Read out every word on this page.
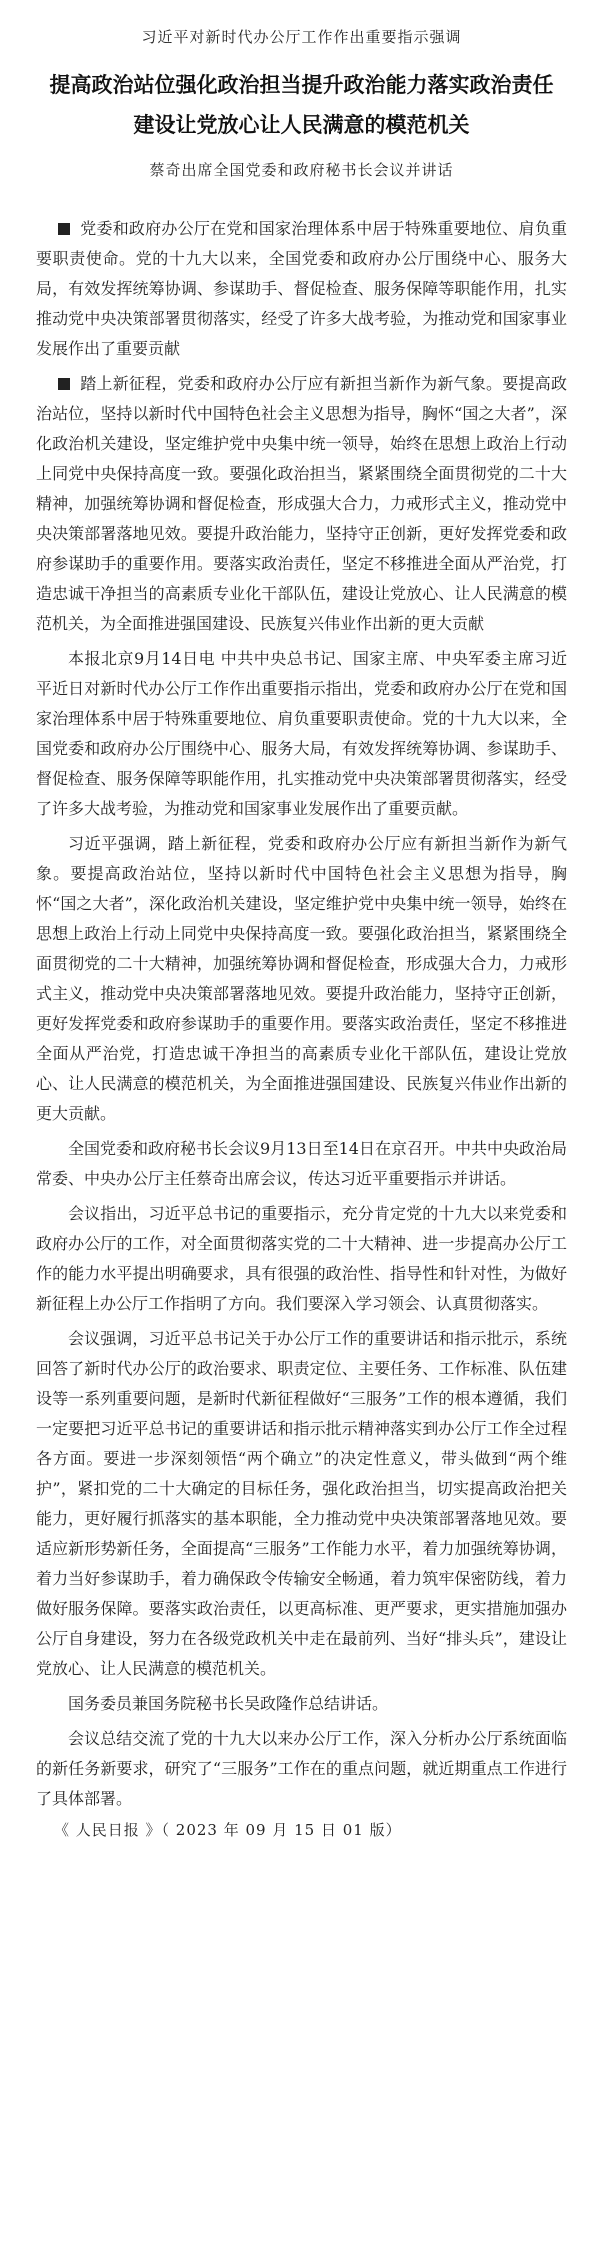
习近平对新时代办公厅工作作出重要指示强调

提高政治站位强化政治担当提升政治能力落实政治责任
建设让党放心让人民满意的模范机关

蔡奇出席全国党委和政府秘书长会议并讲话

党委和政府办公厅在党和国家治理体系中居于特殊重要地位、肩负重要职责使命。党的十九大以来，全国党委和政府办公厅围绕中心、服务大局，有效发挥统筹协调、参谋助手、督促检查、服务保障等职能作用，扎实推动党中央决策部署贯彻落实，经受了许多大战考验，为推动党和国家事业发展作出了重要贡献

踏上新征程，党委和政府办公厅应有新担当新作为新气象。要提高政治站位，坚持以新时代中国特色社会主义思想为指导，胸怀“国之大者”，深化政治机关建设，坚定维护党中央集中统一领导，始终在思想上政治上行动上同党中央保持高度一致。要强化政治担当，紧紧围绕全面贯彻党的二十大精神，加强统筹协调和督促检查，形成强大合力，力戒形式主义，推动党中央决策部署落地见效。要提升政治能力，坚持守正创新，更好发挥党委和政府参谋助手的重要作用。要落实政治责任，坚定不移推进全面从严治党，打造忠诚干净担当的高素质专业化干部队伍，建设让党放心、让人民满意的模范机关，为全面推进强国建设、民族复兴伟业作出新的更大贡献

本报北京9月14日电 中共中央总书记、国家主席、中央军委主席习近平近日对新时代办公厅工作作出重要指示指出，党委和政府办公厅在党和国家治理体系中居于特殊重要地位、肩负重要职责使命。党的十九大以来，全国党委和政府办公厅围绕中心、服务大局，有效发挥统筹协调、参谋助手、督促检查、服务保障等职能作用，扎实推动党中央决策部署贯彻落实，经受了许多大战考验，为推动党和国家事业发展作出了重要贡献。

习近平强调，踏上新征程，党委和政府办公厅应有新担当新作为新气象。要提高政治站位，坚持以新时代中国特色社会主义思想为指导，胸怀“国之大者”，深化政治机关建设，坚定维护党中央集中统一领导，始终在思想上政治上行动上同党中央保持高度一致。要强化政治担当，紧紧围绕全面贯彻党的二十大精神，加强统筹协调和督促检查，形成强大合力，力戒形式主义，推动党中央决策部署落地见效。要提升政治能力，坚持守正创新，更好发挥党委和政府参谋助手的重要作用。要落实政治责任，坚定不移推进全面从严治党，打造忠诚干净担当的高素质专业化干部队伍，建设让党放心、让人民满意的模范机关，为全面推进强国建设、民族复兴伟业作出新的更大贡献。

全国党委和政府秘书长会议9月13日至14日在京召开。中共中央政治局常委、中央办公厅主任蔡奇出席会议，传达习近平重要指示并讲话。

会议指出，习近平总书记的重要指示，充分肯定党的十九大以来党委和政府办公厅的工作，对全面贯彻落实党的二十大精神、进一步提高办公厅工作的能力水平提出明确要求，具有很强的政治性、指导性和针对性，为做好新征程上办公厅工作指明了方向。我们要深入学习领会、认真贯彻落实。

会议强调，习近平总书记关于办公厅工作的重要讲话和指示批示，系统回答了新时代办公厅的政治要求、职责定位、主要任务、工作标准、队伍建设等一系列重要问题，是新时代新征程做好“三服务”工作的根本遵循，我们一定要把习近平总书记的重要讲话和指示批示精神落实到办公厅工作全过程各方面。要进一步深刻领悟“两个确立”的决定性意义，带头做到“两个维护”，紧扣党的二十大确定的目标任务，强化政治担当，切实提高政治把关能力，更好履行抓落实的基本职能，全力推动党中央决策部署落地见效。要适应新形势新任务，全面提高“三服务”工作能力水平，着力加强统筹协调，着力当好参谋助手，着力确保政令传输安全畅通，着力筑牢保密防线，着力做好服务保障。要落实政治责任，以更高标准、更严要求，更实措施加强办公厅自身建设，努力在各级党政机关中走在最前列、当好“排头兵”，建设让党放心、让人民满意的模范机关。

国务委员兼国务院秘书长吴政隆作总结讲话。

会议总结交流了党的十九大以来办公厅工作，深入分析办公厅系统面临的新任务新要求，研究了“三服务”工作在的重点问题，就近期重点工作进行了具体部署。

《 人民日报 》（ 2023 年 09 月 15 日 01 版）
